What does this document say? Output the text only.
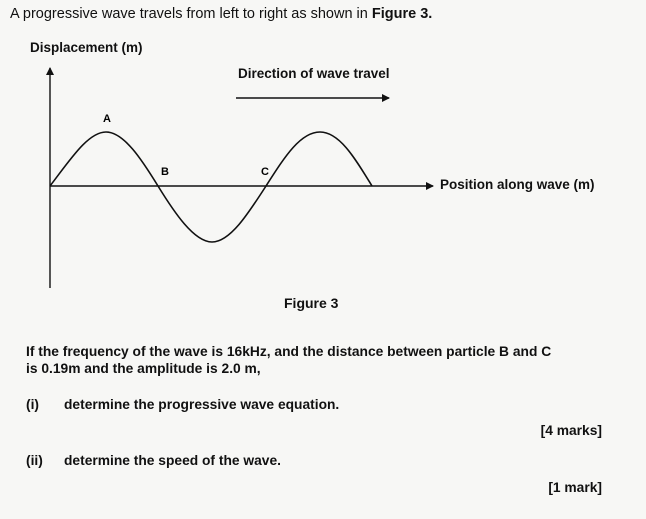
A progressive wave travels from left to right as shown in Figure 3.
Displacement (m)
Direction of wave travel
Position along wave (m)
A
B	C
Figure 3
If the frequency of the wave is 16kHz, and the distance between particle B and C
is 0.19m and the amplitude is 2.0 m,
(i) determine the progressive wave equation.
[4 marks]
(ii) determine the speed of the wave.
[1 mark]
